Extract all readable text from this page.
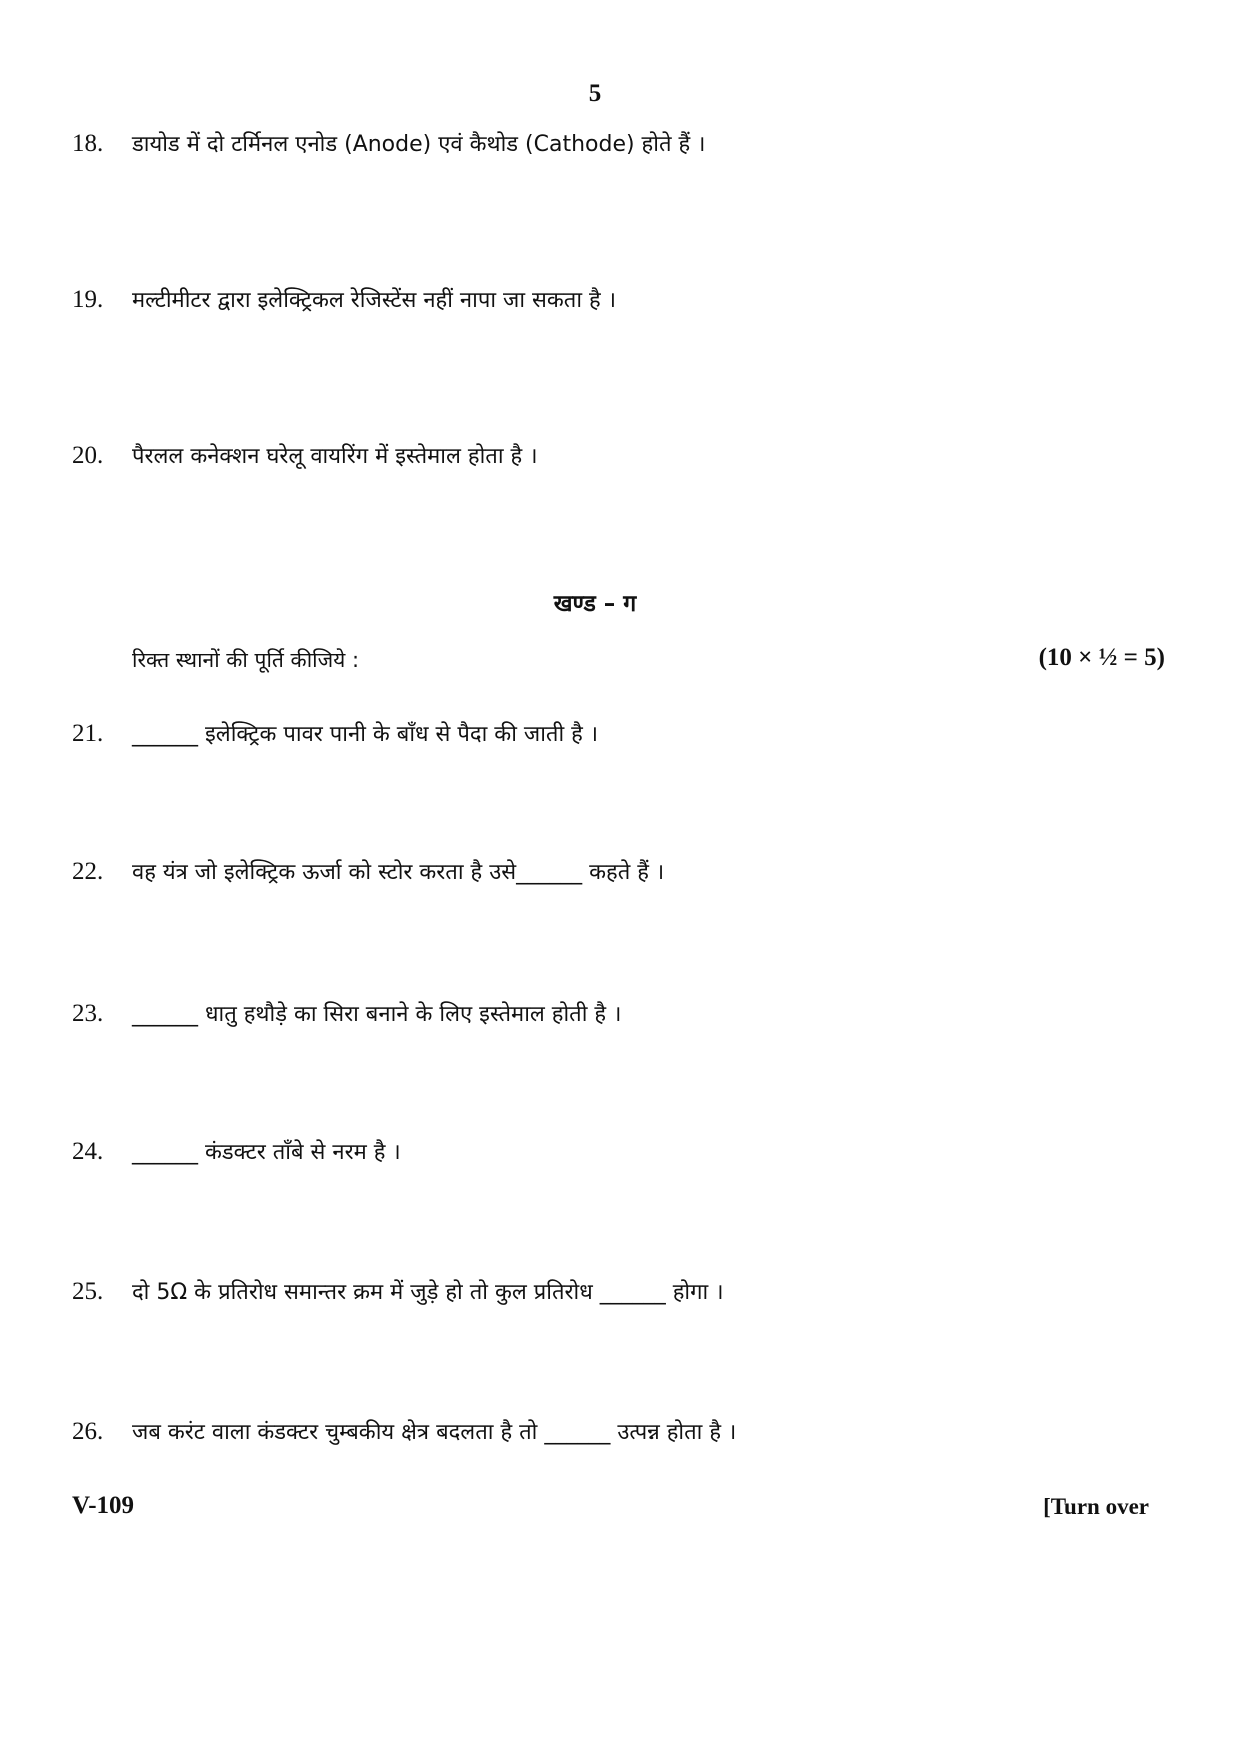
5
18. डायोड में दो टर्मिनल एनोड (Anode) एवं कैथोड (Cathode) होते हैं ।
19. मल्टीमीटर द्वारा इलेक्ट्रिकल रेजिस्टेंस नहीं नापा जा सकता है ।
20. पैरलल कनेक्शन घरेलू वायरिंग में इस्तेमाल होता है ।
खण्ड – ग
रिक्त स्थानों की पूर्ति कीजिये :	(10 × ½ = 5)
21. ______ इलेक्ट्रिक पावर पानी के बाँध से पैदा की जाती है ।
22. वह यंत्र जो इलेक्ट्रिक ऊर्जा को स्टोर करता है उसे______ कहते हैं ।
23. ______ धातु हथौड़े का सिरा बनाने के लिए इस्तेमाल होती है ।
24. ______ कंडक्टर ताँबे से नरम है ।
25. दो 5Ω के प्रतिरोध समान्तर क्रम में जुड़े हो तो कुल प्रतिरोध ______ होगा ।
26. जब करंट वाला कंडक्टर चुम्बकीय क्षेत्र बदलता है तो ______ उत्पन्न होता है ।
V-109	[Turn over
